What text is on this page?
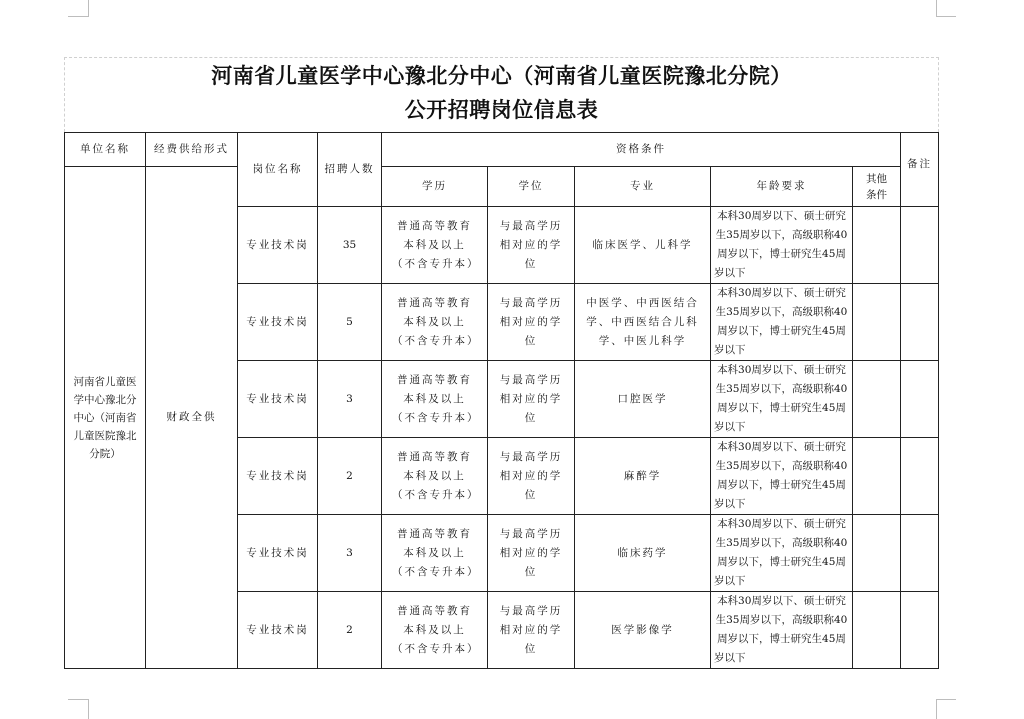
河南省儿童医学中心豫北分中心（河南省儿童医院豫北分院）
公开招聘岗位信息表
单位名称	经费供给形式	岗位名称	招聘人数	资格条件					备注
河南省儿童医学中心豫北分中心（河南省儿童医院豫北分院）	财政全供			学历	学位	专业	年龄要求	其他条件	
		专业技术岗	35	普通高等教育本科及以上（不含专升本）	与最高学历相对应的学位	临床医学、儿科学	本科30周岁以下、硕士研究生35周岁以下，高级职称40周岁以下，博士研究生45周岁以下		
		专业技术岗	5	普通高等教育本科及以上（不含专升本）	与最高学历相对应的学位	中医学、中西医结合学、中西医结合儿科学、中医儿科学	本科30周岁以下、硕士研究生35周岁以下，高级职称40周岁以下，博士研究生45周岁以下		
		专业技术岗	3	普通高等教育本科及以上（不含专升本）	与最高学历相对应的学位	口腔医学	本科30周岁以下、硕士研究生35周岁以下，高级职称40周岁以下，博士研究生45周岁以下		
		专业技术岗	2	普通高等教育本科及以上（不含专升本）	与最高学历相对应的学位	麻醉学	本科30周岁以下、硕士研究生35周岁以下，高级职称40周岁以下，博士研究生45周岁以下		
		专业技术岗	3	普通高等教育本科及以上（不含专升本）	与最高学历相对应的学位	临床药学	本科30周岁以下、硕士研究生35周岁以下，高级职称40周岁以下，博士研究生45周岁以下		
		专业技术岗	2	普通高等教育本科及以上（不含专升本）	与最高学历相对应的学位	医学影像学	本科30周岁以下、硕士研究生35周岁以下，高级职称40周岁以下，博士研究生45周岁以下		
